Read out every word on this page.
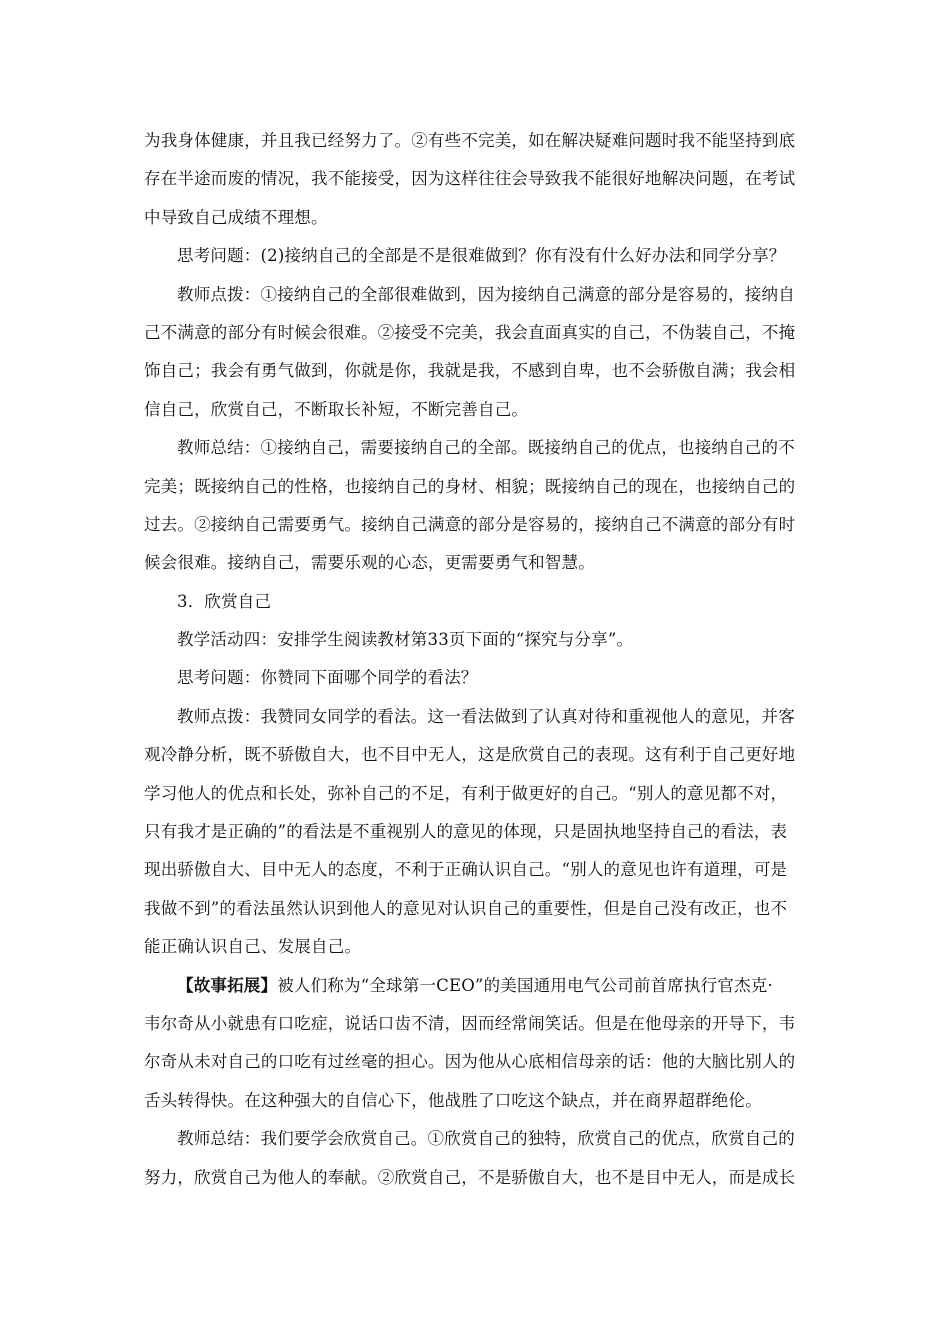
为我身体健康，并且我已经努力了。②有些不完美，如在解决疑难问题时我不能坚持到底
存在半途而废的情况，我不能接受，因为这样往往会导致我不能很好地解决问题，在考试
中导致自己成绩不理想。
思考问题：(2)接纳自己的全部是不是很难做到？你有没有什么好办法和同学分享？
教师点拨：①接纳自己的全部很难做到，因为接纳自己满意的部分是容易的，接纳自
己不满意的部分有时候会很难。②接受不完美，我会直面真实的自己，不伪装自己，不掩
饰自己；我会有勇气做到，你就是你，我就是我，不感到自卑，也不会骄傲自满；我会相
信自己，欣赏自己，不断取长补短，不断完善自己。
教师总结：①接纳自己，需要接纳自己的全部。既接纳自己的优点，也接纳自己的不
完美；既接纳自己的性格，也接纳自己的身材、相貌；既接纳自己的现在，也接纳自己的
过去。②接纳自己需要勇气。接纳自己满意的部分是容易的，接纳自己不满意的部分有时
候会很难。接纳自己，需要乐观的心态，更需要勇气和智慧。
3．欣赏自己
教学活动四：安排学生阅读教材第33页下面的“探究与分享”。
思考问题：你赞同下面哪个同学的看法？
教师点拨：我赞同女同学的看法。这一看法做到了认真对待和重视他人的意见，并客
观冷静分析，既不骄傲自大，也不目中无人，这是欣赏自己的表现。这有利于自己更好地
学习他人的优点和长处，弥补自己的不足，有利于做更好的自己。“别人的意见都不对，
只有我才是正确的”的看法是不重视别人的意见的体现，只是固执地坚持自己的看法，表
现出骄傲自大、目中无人的态度，不利于正确认识自己。“别人的意见也许有道理，可是
我做不到”的看法虽然认识到他人的意见对认识自己的重要性，但是自己没有改正，也不
能正确认识自己、发展自己。
【故事拓展】被人们称为“全球第一CEO”的美国通用电气公司前首席执行官杰克·
韦尔奇从小就患有口吃症，说话口齿不清，因而经常闹笑话。但是在他母亲的开导下，韦
尔奇从未对自己的口吃有过丝毫的担心。因为他从心底相信母亲的话：他的大脑比别人的
舌头转得快。在这种强大的自信心下，他战胜了口吃这个缺点，并在商界超群绝伦。
教师总结：我们要学会欣赏自己。①欣赏自己的独特，欣赏自己的优点，欣赏自己的
努力，欣赏自己为他人的奉献。②欣赏自己，不是骄傲自大，也不是目中无人，而是成长
